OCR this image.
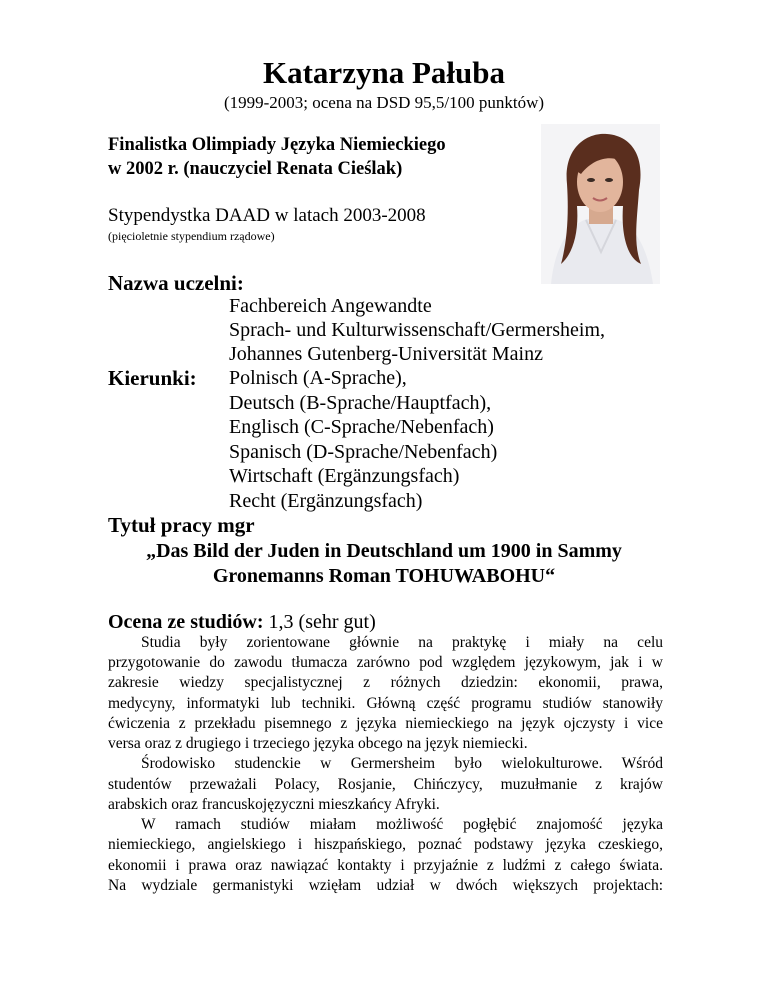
Katarzyna Pałuba
(1999-2003; ocena na DSD 95,5/100 punktów)
Finalistka Olimpiady Języka Niemieckiego
w 2002 r. (nauczyciel Renata Cieślak)
Stypendystka DAAD w latach 2003-2008
(pięcioletnie stypendium rządowe)
Nazwa uczelni:
Fachbereich Angewandte
Sprach- und Kulturwissenschaft/Germersheim,
Johannes Gutenberg-Universität Mainz
Kierunki: Polnisch (A-Sprache),
Deutsch (B-Sprache/Hauptfach),
Englisch (C-Sprache/Nebenfach)
Spanisch (D-Sprache/Nebenfach)
Wirtschaft (Ergänzungsfach)
Recht (Ergänzungsfach)
Tytuł pracy mgr
„Das Bild der Juden in Deutschland um 1900 in Sammy
Gronemanns Roman TOHUWABOHU“
Ocena ze studiów: 1,3 (sehr gut)
Studia były zorientowane głównie na praktykę i miały na celu
przygotowanie do zawodu tłumacza zarówno pod względem językowym, jak i w
zakresie wiedzy specjalistycznej z różnych dziedzin: ekonomii, prawa,
medycyny, informatyki lub techniki. Główną część programu studiów stanowiły
ćwiczenia z przekładu pisemnego z języka niemieckiego na język ojczysty i vice
versa oraz z drugiego i trzeciego języka obcego na język niemiecki.
Środowisko studenckie w Germersheim było wielokulturowe. Wśród
studentów przeważali Polacy, Rosjanie, Chińczycy, muzułmanie z krajów
arabskich oraz francuskojęzyczni mieszkańcy Afryki.
W ramach studiów miałam możliwość pogłębić znajomość języka
niemieckiego, angielskiego i hiszpańskiego, poznać podstawy języka czeskiego,
ekonomii i prawa oraz nawiązać kontakty i przyjaźnie z ludźmi z całego świata.
Na wydziale germanistyki wzięłam udział w dwóch większych projektach:
